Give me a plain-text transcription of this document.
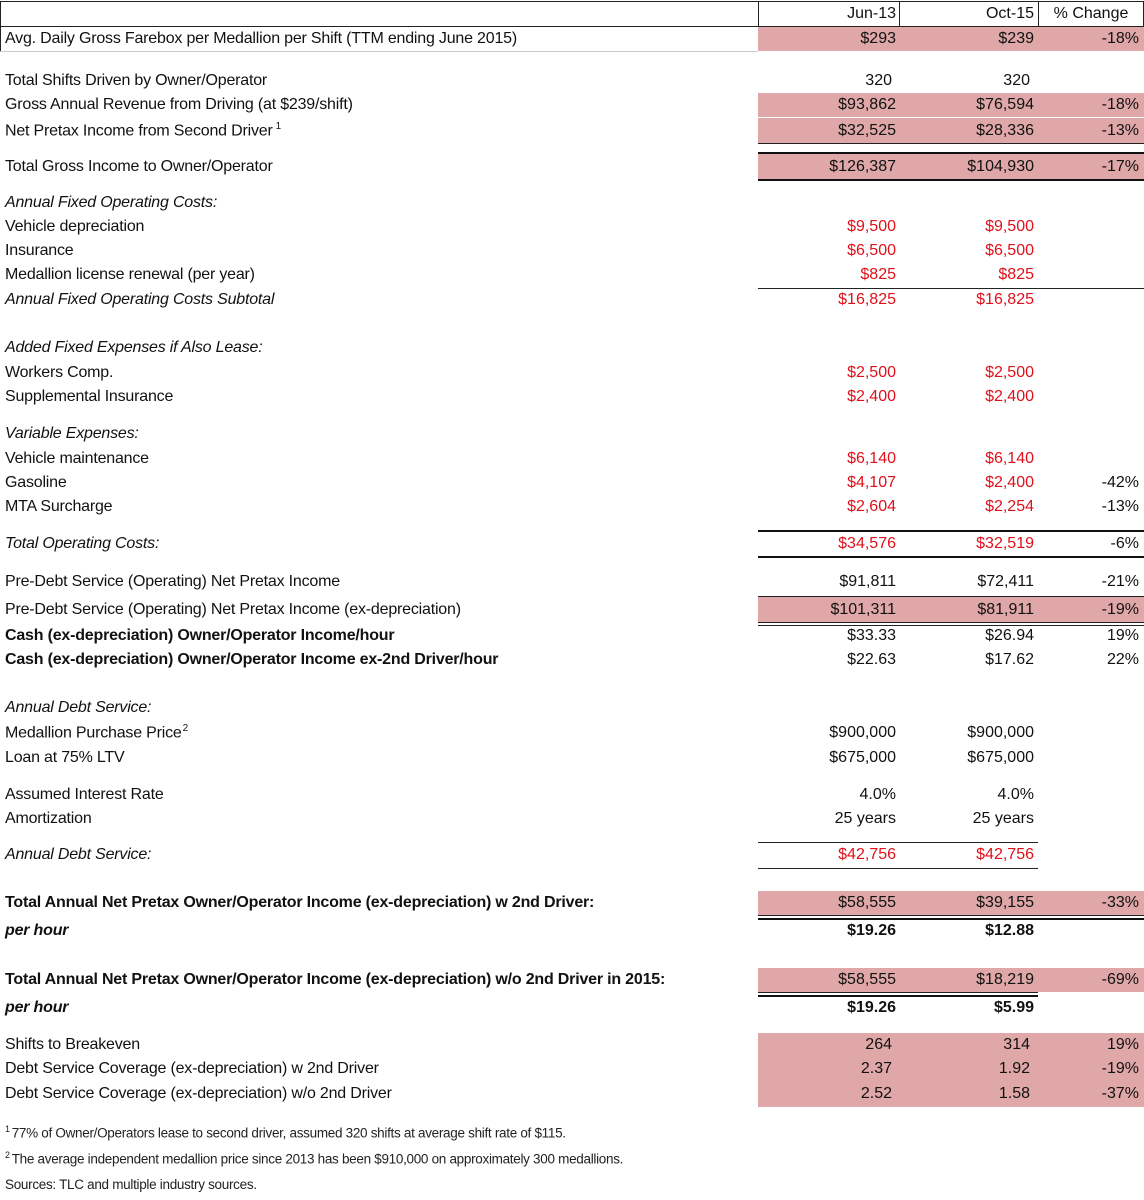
Jun-13	Oct-15	% Change
Avg. Daily Gross Farebox per Medallion per Shift (TTM ending June 2015)	$293	$239	-18%
Total Shifts Driven by Owner/Operator	320	320
Gross Annual Revenue from Driving (at $239/shift)	$93,862	$76,594	-18%
Net Pretax Income from Second Driver $^1$	$32,525	$28,336	-13%
Total Gross Income to Owner/Operator	$126,387	$104,930	-17%
Annual Fixed Operating Costs:
Vehicle depreciation	$9,500	$9,500
Insurance	$6,500	$6,500
Medallion license renewal (per year)	$825	$825
Annual Fixed Operating Costs Subtotal	$16,825	$16,825
Added Fixed Expenses if Also Lease:
Workers Comp.	$2,500	$2,500
Supplemental Insurance	$2,400	$2,400
Variable Expenses:
Vehicle maintenance	$6,140	$6,140
Gasoline	$4,107	$2,400	-42%
MTA Surcharge	$2,604	$2,254	-13%
Total Operating Costs:	$34,576	$32,519	-6%
Pre-Debt Service (Operating) Net Pretax Income	$91,811	$72,411	-21%
Pre-Debt Service (Operating) Net Pretax Income (ex-depreciation)	$101,311	$81,911	-19%
Cash (ex-depreciation) Owner/Operator Income/hour	$33.33	$26.94	19%
Cash (ex-depreciation) Owner/Operator Income ex-2nd Driver/hour	$22.63	$17.62	22%
Annual Debt Service:
Medallion Purchase Price$^2$	$900,000	$900,000
Loan at 75% LTV	$675,000	$675,000
Assumed Interest Rate	4.0%	4.0%
Amortization	25 years	25 years
Annual Debt Service:	$42,756	$42,756
Total Annual Net Pretax Owner/Operator Income (ex-depreciation) w 2nd Driver:	$58,555	$39,155	-33%
per hour	$19.26	$12.88
Total Annual Net Pretax Owner/Operator Income (ex-depreciation) w/o 2nd Driver in 2015:	$58,555	$18,219	-69%
per hour	$19.26	$5.99
Shifts to Breakeven	264	314	19%
Debt Service Coverage (ex-depreciation) w 2nd Driver	2.37	1.92	-19%
Debt Service Coverage (ex-depreciation) w/o 2nd Driver	2.52	1.58	-37%
$^1$ 77% of Owner/Operators lease to second driver, assumed 320 shifts at average shift rate of $115.
$^2$ The average independent medallion price since 2013 has been $910,000 on approximately 300 medallions.
Sources: TLC and multiple industry sources.
